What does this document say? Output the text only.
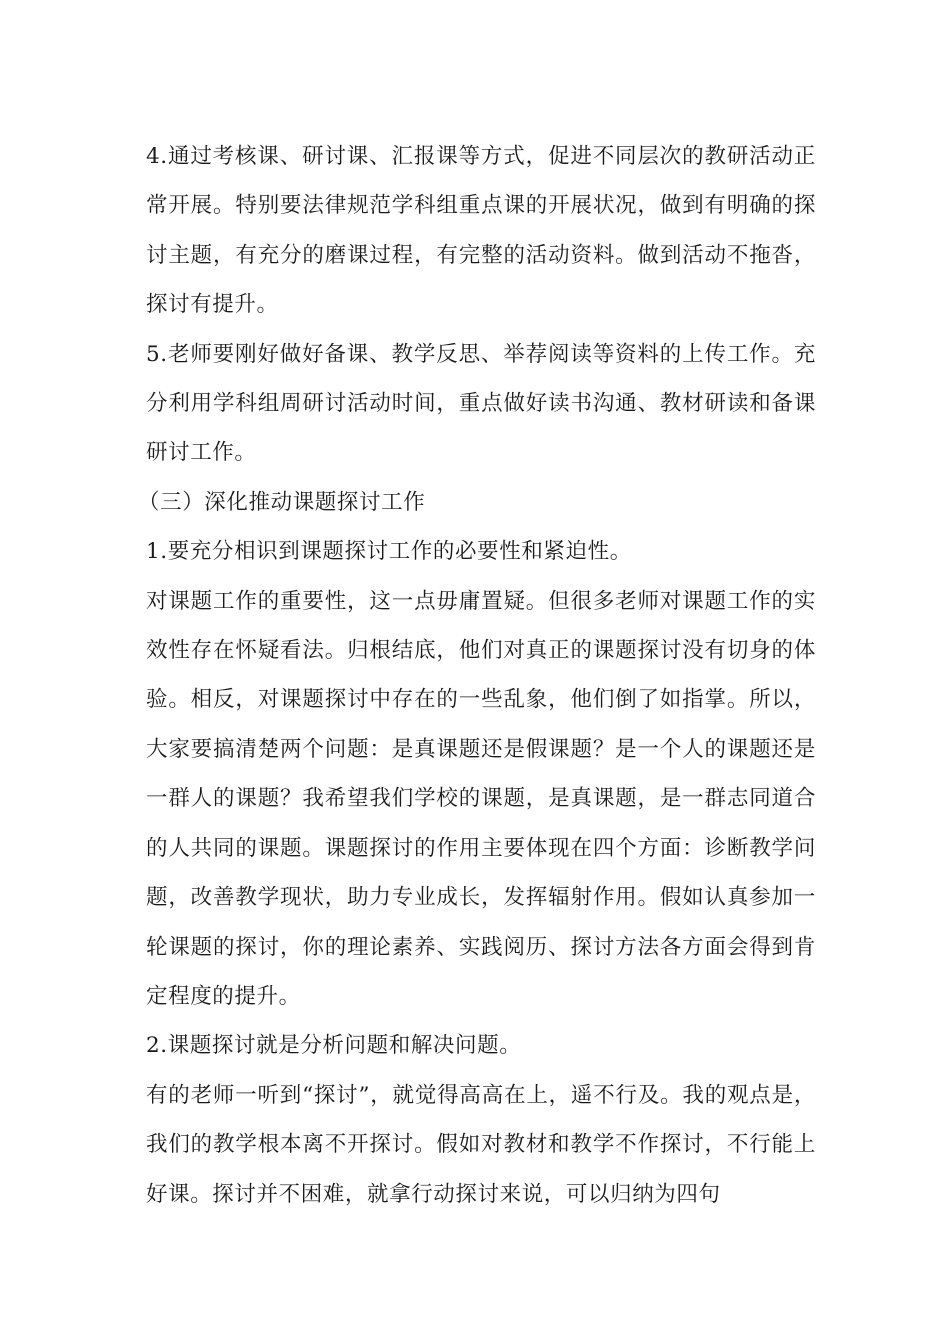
4.通过考核课、研讨课、汇报课等方式，促进不同层次的教研活动正常开展。特别要法律规范学科组重点课的开展状况，做到有明确的探讨主题，有充分的磨课过程，有完整的活动资料。做到活动不拖沓，探讨有提升。

5.老师要刚好做好备课、教学反思、举荐阅读等资料的上传工作。充分利用学科组周研讨活动时间，重点做好读书沟通、教材研读和备课研讨工作。

（三）深化推动课题探讨工作

1.要充分相识到课题探讨工作的必要性和紧迫性。

对课题工作的重要性，这一点毋庸置疑。但很多老师对课题工作的实效性存在怀疑看法。归根结底，他们对真正的课题探讨没有切身的体验。相反，对课题探讨中存在的一些乱象，他们倒了如指掌。所以，大家要搞清楚两个问题：是真课题还是假课题？是一个人的课题还是一群人的课题？我希望我们学校的课题，是真课题，是一群志同道合的人共同的课题。课题探讨的作用主要体现在四个方面：诊断教学问题，改善教学现状，助力专业成长，发挥辐射作用。假如认真参加一轮课题的探讨，你的理论素养、实践阅历、探讨方法各方面会得到肯定程度的提升。

2.课题探讨就是分析问题和解决问题。

有的老师一听到“探讨”，就觉得高高在上，遥不行及。我的观点是，我们的教学根本离不开探讨。假如对教材和教学不作探讨，不行能上好课。探讨并不困难，就拿行动探讨来说，可以归纳为四句
